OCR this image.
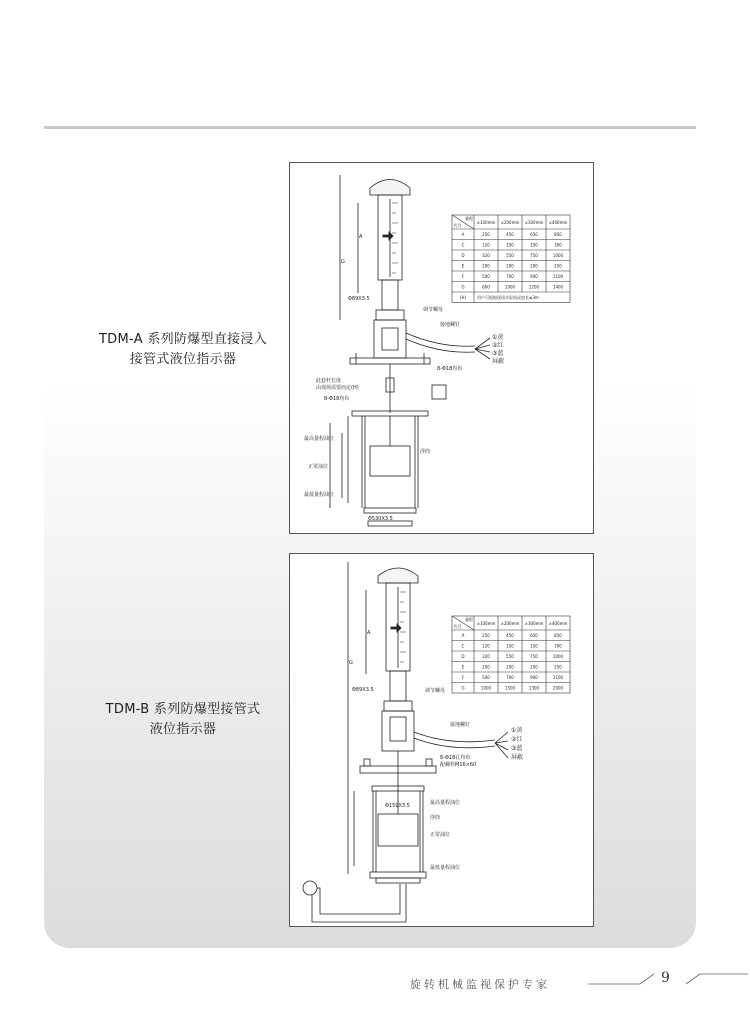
TDM-A 系列防爆型直接浸入
接管式液位指示器
TDM-B 系列防爆型接管式
液位指示器
量程
代号
±100mm ±200mm ±300mm ±400mm
A	250	450	650	850
C	120	150	150	300
D	320	550	750	1000
E	200	200	200	250
F	500	700	900	1100
G	600	1000	1200	1400
(H)	用户可根据现场实际情况加长≤3m
调节螺母
接地螺钉
①黄
②红
③蓝
屏蔽
8-Φ18均布
此套杆长度
由现场需要而定(H)
8-Φ18均布
最高量程油位
浮筒
正常油位
最低量程油位
Φ89X3.5
Φ530X3.5
A
G
量程
代号
±100mm ±200mm ±300mm ±400mm
A	250	450	650	850
C	120	150	150	300
D	320	550	750	1000
E	200	200	200	250
F	500	700	900	1100
G	1000	1500	1300	2000
调节螺母
接地螺钉
①黄
②红
③蓝
屏蔽
8-Φ18孔均布
配螺栓M16×60
最高量程油位
浮筒
正常油位
最低量程油位
Φ89X3.5
Φ159X3.5
A
G
旋转机械监视保护专家	9
